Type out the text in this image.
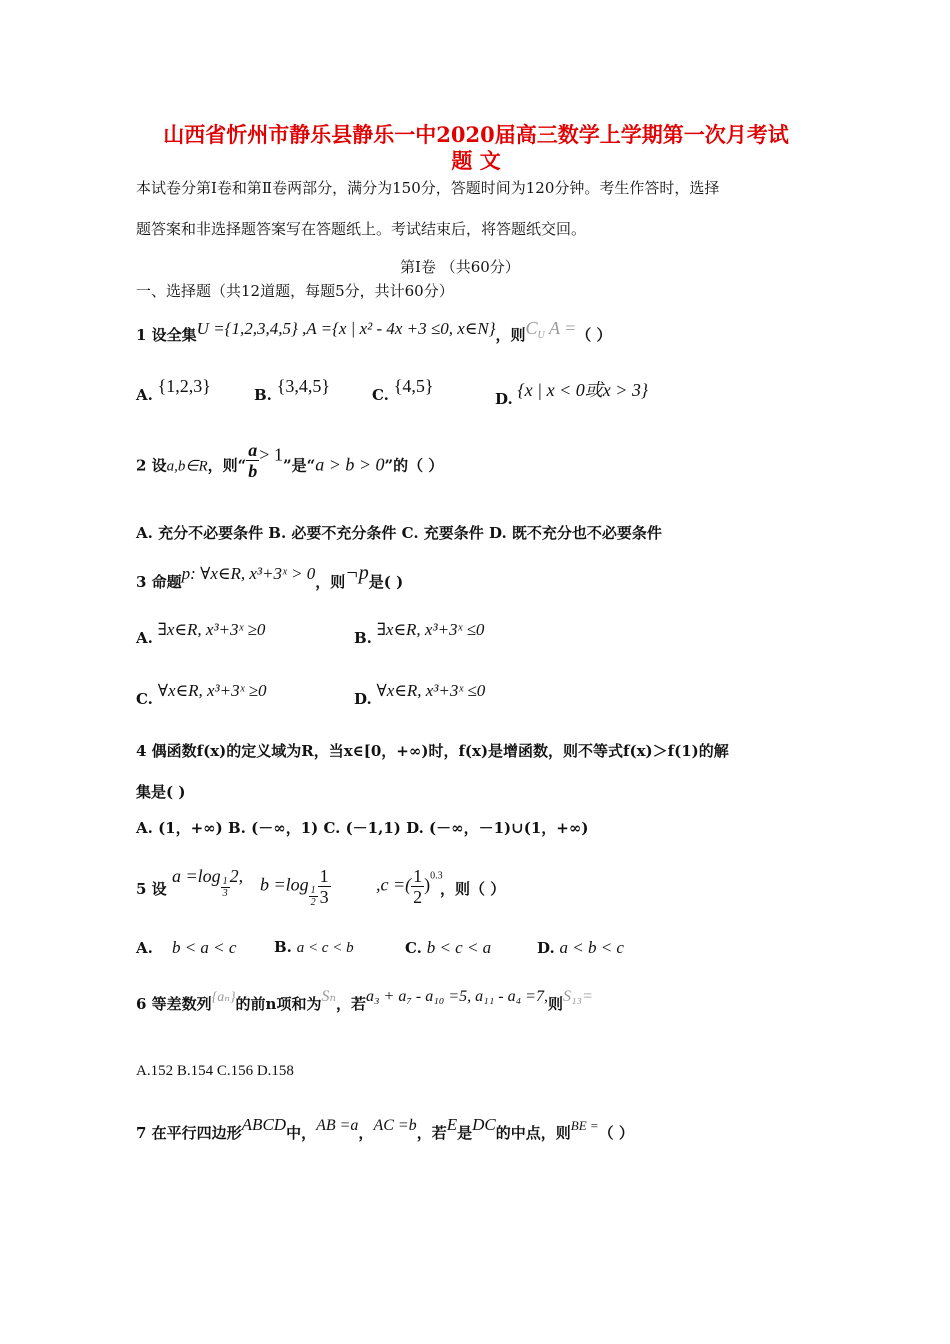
山西省忻州市静乐县静乐一中2020届高三数学上学期第一次月考试
题 文
本试卷分第Ⅰ卷和第Ⅱ卷两部分，满分为150分，答题时间为120分钟。考生作答时，选择
题答案和非选择题答案写在答题纸上。考试结束后，将答题纸交回。
第Ⅰ卷 （共60分）
一、选择题（共12道题，每题5分，共计60分）
1 设全集U ={1,2,3,4,5} ,A ={x | x² - 4x +3 ≤0, x∈N}，则$C_U$ A =（ ）
A. {1,2,3}	B. {3,4,5}	C. {4,5}
D. {x | x < 0或x > 3}
2 设a,b∈R，则“ $\frac{a}{b} > 1$”是“a > b > 0”的（ ）
A. 充分不必要条件 B. 必要不充分条件 C. 充要条件 D. 既不充分也不必要条件
3 命题p: ∀x∈R, x³+3ˣ > 0，则¬p是( )
A. ∃x∈R, x³+3ˣ ≥0	B. ∃x∈R, x³+3ˣ ≤0
C. ∀x∈R, x³+3ˣ ≥0	D. ∀x∈R, x³+3ˣ ≤0
4 偶函数f(x)的定义域为R，当x∈[0，+∞)时，f(x)是增函数，则不等式f(x)＞f(1)的解
集是( )
A. (1，+∞) B. (－∞，1) C. (－1,1) D. (－∞，－1)∪(1，+∞)
5 设
$a =\log \frac{1}{3} 2$, $b =\log \frac{1}{2} \frac{1}{3}$	,c =( $\frac{1}{2} )^{0.3}$
，则（ ）
A. b < a < c	B. a < c < b	C. b < c < a	D. a < b < c
6 等差数列{aₙ}的前n项和为Sₙ，若a₃ + a₇ - a₁₀ =5, a₁₁ - a₄ =7,则S₁₃=
A.152 B.154 C.156 D.158
7 在平行四边形ABCD中，AB =a，AC =b，若E是DC的中点，则BE =（ ）
